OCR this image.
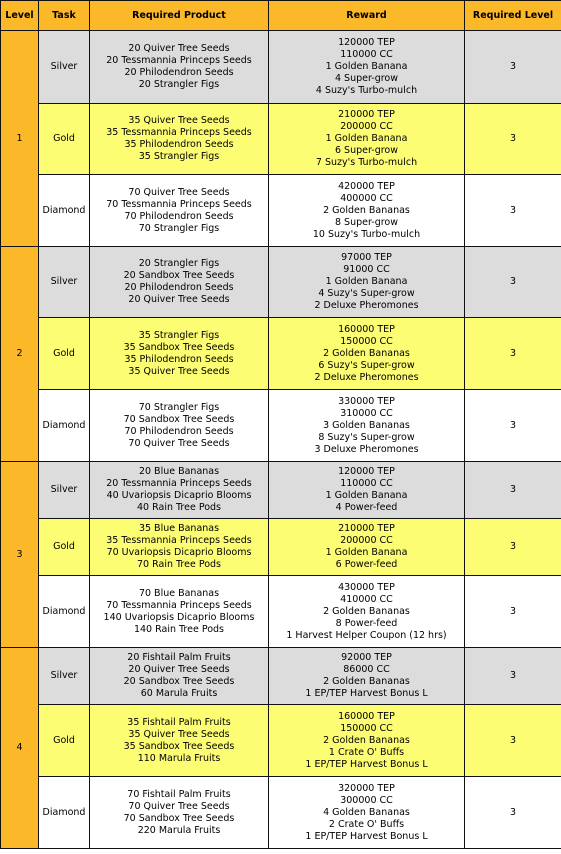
Level	Task	Required Product	Reward	Required Level
1	Silver	20 Quiver Tree Seeds
20 Tessmannia Princeps Seeds
20 Philodendron Seeds
20 Strangler Figs	120000 TEP
110000 CC
1 Golden Banana
4 Super-grow
4 Suzy's Turbo-mulch	3
	Gold	35 Quiver Tree Seeds
35 Tessmannia Princeps Seeds
35 Philodendron Seeds
35 Strangler Figs	210000 TEP
200000 CC
1 Golden Banana
6 Super-grow
7 Suzy's Turbo-mulch	3
	Diamond	70 Quiver Tree Seeds
70 Tessmannia Princeps Seeds
70 Philodendron Seeds
70 Strangler Figs	420000 TEP
400000 CC
2 Golden Bananas
8 Super-grow
10 Suzy's Turbo-mulch	3
2	Silver	20 Strangler Figs
20 Sandbox Tree Seeds
20 Philodendron Seeds
20 Quiver Tree Seeds	97000 TEP
91000 CC
1 Golden Banana
4 Suzy's Super-grow
2 Deluxe Pheromones	3
	Gold	35 Strangler Figs
35 Sandbox Tree Seeds
35 Philodendron Seeds
35 Quiver Tree Seeds	160000 TEP
150000 CC
2 Golden Bananas
6 Suzy's Super-grow
2 Deluxe Pheromones	3
	Diamond	70 Strangler Figs
70 Sandbox Tree Seeds
70 Philodendron Seeds
70 Quiver Tree Seeds	330000 TEP
310000 CC
3 Golden Bananas
8 Suzy's Super-grow
3 Deluxe Pheromones	3
3	Silver	20 Blue Bananas
20 Tessmannia Princeps Seeds
40 Uvariopsis Dicaprio Blooms
40 Rain Tree Pods	120000 TEP
110000 CC
1 Golden Banana
4 Power-feed	3
	Gold	35 Blue Bananas
35 Tessmannia Princeps Seeds
70 Uvariopsis Dicaprio Blooms
70 Rain Tree Pods	210000 TEP
200000 CC
1 Golden Banana
6 Power-feed	3
	Diamond	70 Blue Bananas
70 Tessmannia Princeps Seeds
140 Uvariopsis Dicaprio Blooms
140 Rain Tree Pods	430000 TEP
410000 CC
2 Golden Bananas
8 Power-feed
1 Harvest Helper Coupon (12 hrs)	3
4	Silver	20 Fishtail Palm Fruits
20 Quiver Tree Seeds
20 Sandbox Tree Seeds
60 Marula Fruits	92000 TEP
86000 CC
2 Golden Bananas
1 EP/TEP Harvest Bonus L	3
	Gold	35 Fishtail Palm Fruits
35 Quiver Tree Seeds
35 Sandbox Tree Seeds
110 Marula Fruits	160000 TEP
150000 CC
2 Golden Bananas
1 Crate O' Buffs
1 EP/TEP Harvest Bonus L	3
	Diamond	70 Fishtail Palm Fruits
70 Quiver Tree Seeds
70 Sandbox Tree Seeds
220 Marula Fruits	320000 TEP
300000 CC
4 Golden Bananas
2 Crate O' Buffs
1 EP/TEP Harvest Bonus L	3
